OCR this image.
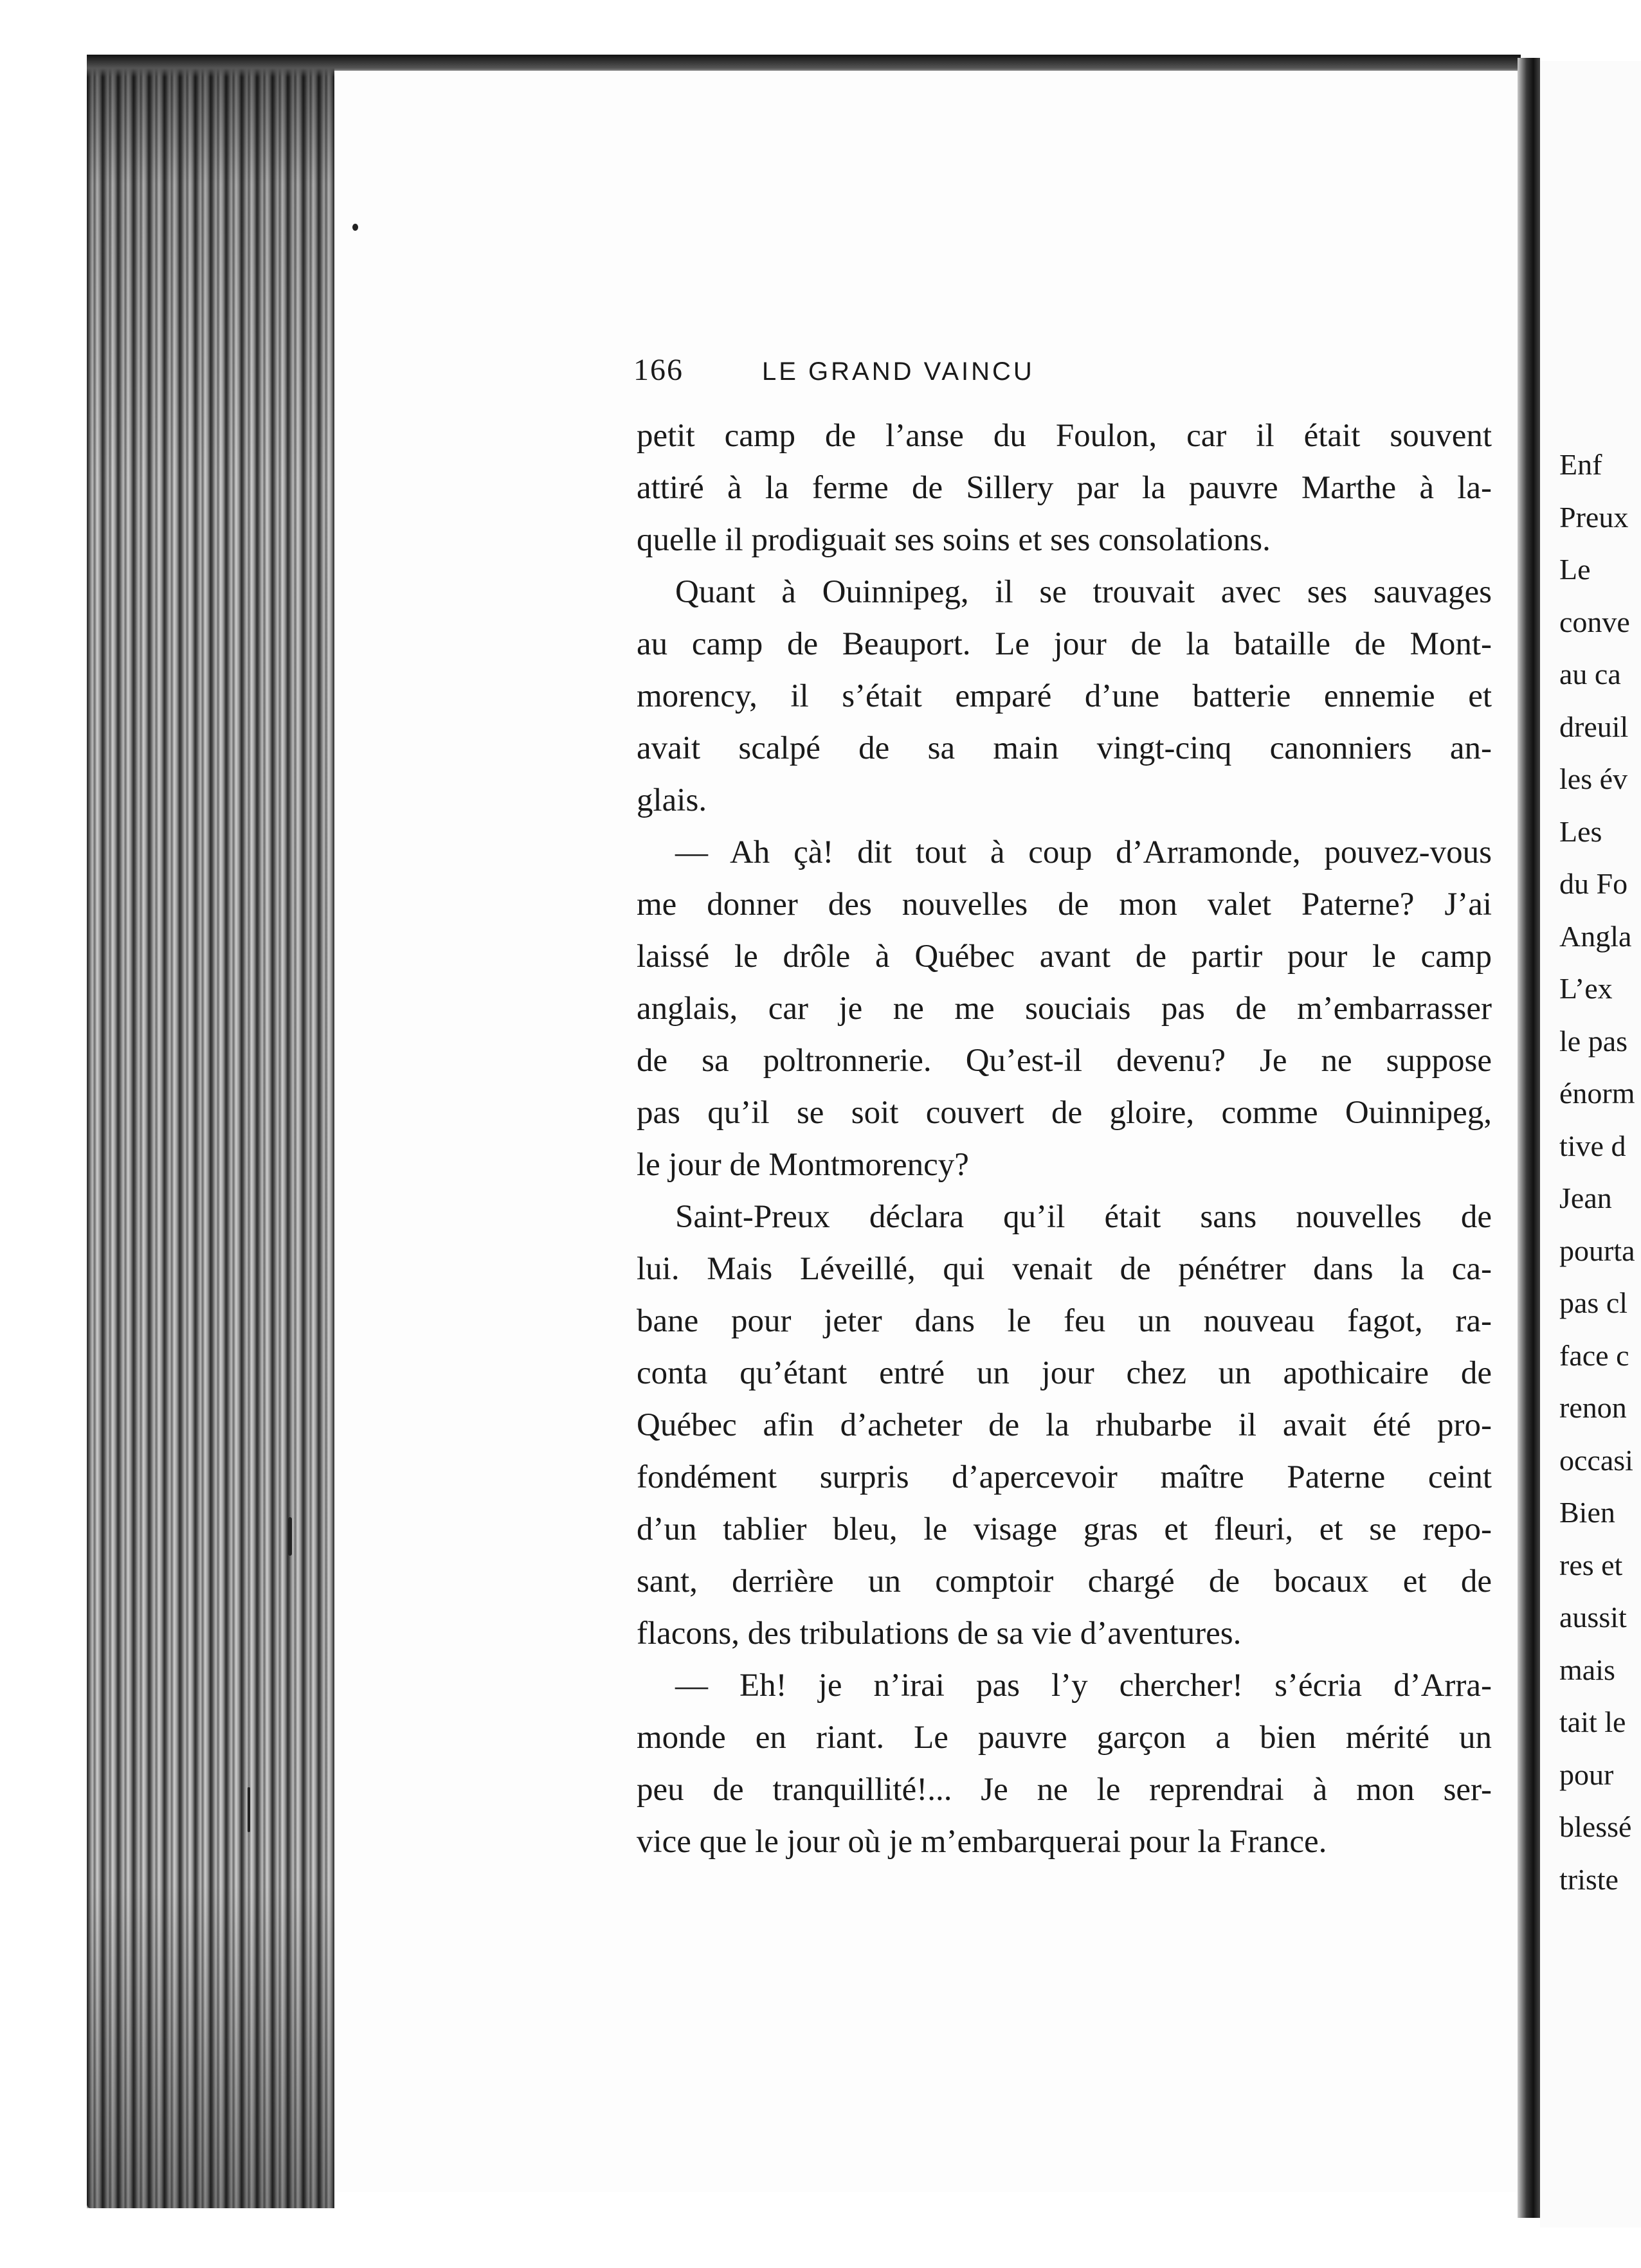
166	LE GRAND VAINCU
petit camp de l’anse du Foulon, car il était souvent
attiré à la ferme de Sillery par la pauvre Marthe à la-
quelle il prodiguait ses soins et ses consolations.
Quant à Ouinnipeg, il se trouvait avec ses sauvages
au camp de Beauport. Le jour de la bataille de Mont-
morency, il s’était emparé d’une batterie ennemie et
avait scalpé de sa main vingt-cinq canonniers an-
glais.
— Ah çà! dit tout à coup d’Arramonde, pouvez-vous
me donner des nouvelles de mon valet Paterne? J’ai
laissé le drôle à Québec avant de partir pour le camp
anglais, car je ne me souciais pas de m’embarrasser
de sa poltronnerie. Qu’est-il devenu? Je ne suppose
pas qu’il se soit couvert de gloire, comme Ouinnipeg,
le jour de Montmorency?
Saint-Preux déclara qu’il était sans nouvelles de
lui. Mais Léveillé, qui venait de pénétrer dans la ca-
bane pour jeter dans le feu un nouveau fagot, ra-
conta qu’étant entré un jour chez un apothicaire de
Québec afin d’acheter de la rhubarbe il avait été pro-
fondément surpris d’apercevoir maître Paterne ceint
d’un tablier bleu, le visage gras et fleuri, et se repo-
sant, derrière un comptoir chargé de bocaux et de
flacons, des tribulations de sa vie d’aventures.
— Eh! je n’irai pas l’y chercher! s’écria d’Arra-
monde en riant. Le pauvre garçon a bien mérité un
peu de tranquillité!... Je ne le reprendrai à mon ser-
vice que le jour où je m’embarquerai pour la France.
Enf
Preux
Le
conve
au ca
dreuil
les év
Les
du Fo
Angla
L’ex
le pas
énorm
tive d
Jean
pourta
pas cl
face c
renon
occasi
Bien
res et
aussit
mais
tait le
pour
blessé
triste
